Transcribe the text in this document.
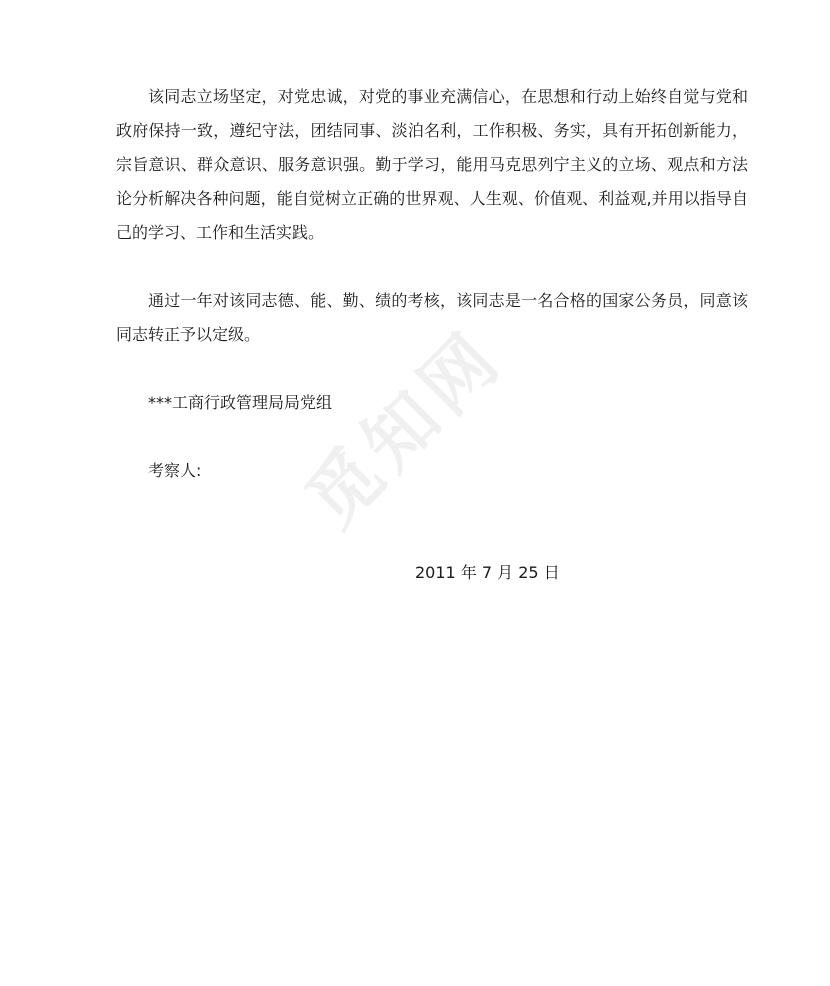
觅知网

该同志立场坚定，对党忠诚，对党的事业充满信心，在思想和行动上始终自觉与党和政府保持一致，遵纪守法，团结同事、淡泊名利，工作积极、务实，具有开拓创新能力，宗旨意识、群众意识、服务意识强。勤于学习，能用马克思列宁主义的立场、观点和方法论分析解决各种问题，能自觉树立正确的世界观、人生观、价值观、利益观,并用以指导自己的学习、工作和生活实践。

通过一年对该同志德、能、勤、绩的考核，该同志是一名合格的国家公务员，同意该同志转正予以定级。

***工商行政管理局局党组

考察人:

2011 年 7 月 25 日
